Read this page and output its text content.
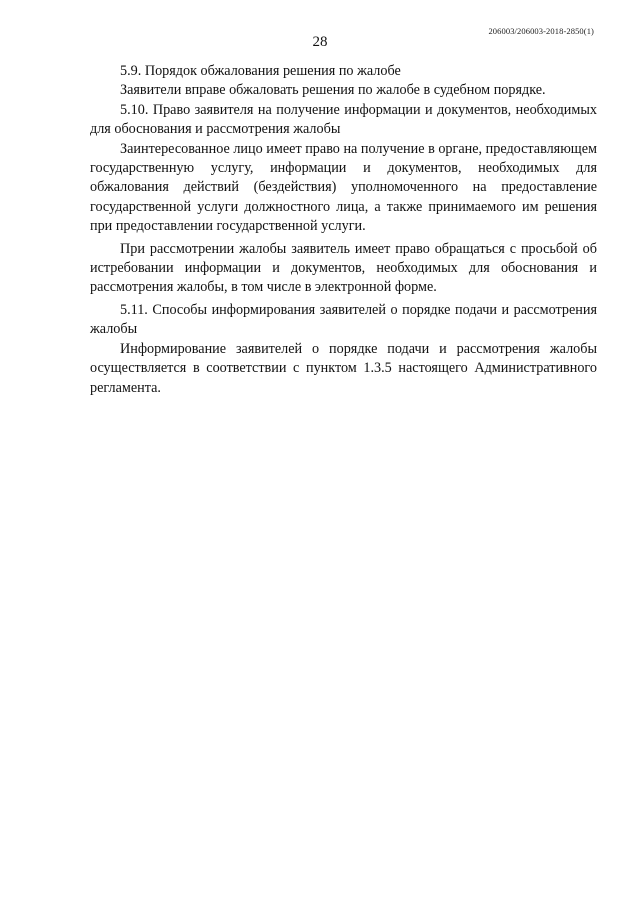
206003/206003-2018-2850(1)
28

5.9. Порядок обжалования решения по жалобе

Заявители вправе обжаловать решения по жалобе в судебном порядке.

5.10. Право заявителя на получение информации и документов, необходимых для обоснования и рассмотрения жалобы

Заинтересованное лицо имеет право на получение в органе, предоставляющем государственную услугу, информации и документов, необходимых для обжалования действий (бездействия) уполномоченного на предоставление государственной услуги должностного лица, а также принимаемого им решения при предоставлении государственной услуги.

При рассмотрении жалобы заявитель имеет право обращаться с просьбой об истребовании информации и документов, необходимых для обоснования и рассмотрения жалобы, в том числе в электронной форме.

5.11. Способы информирования заявителей о порядке подачи и рассмотрения жалобы

Информирование заявителей о порядке подачи и рассмотрения жалобы осуществляется в соответствии с пунктом 1.3.5 настоящего Административного регламента.
